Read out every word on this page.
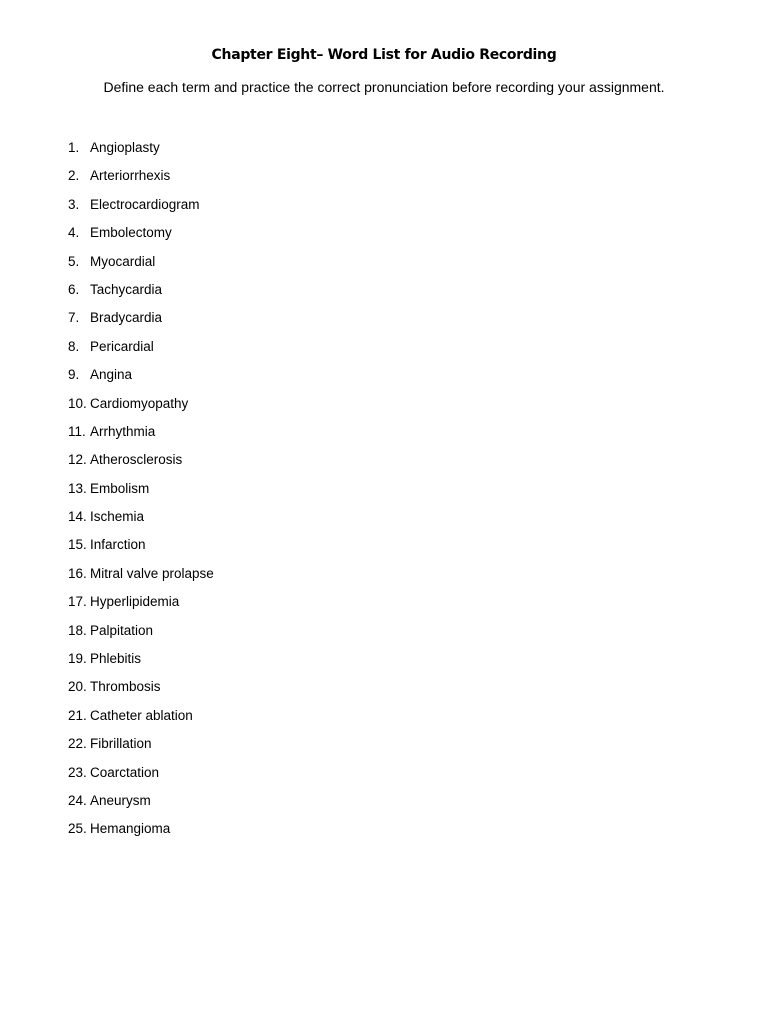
Chapter Eight– Word List for Audio Recording

Define each term and practice the correct pronunciation before recording your assignment.

1. Angioplasty
2. Arteriorrhexis
3. Electrocardiogram
4. Embolectomy
5. Myocardial
6. Tachycardia
7. Bradycardia
8. Pericardial
9. Angina
10. Cardiomyopathy
11. Arrhythmia
12. Atherosclerosis
13. Embolism
14. Ischemia
15. Infarction
16. Mitral valve prolapse
17. Hyperlipidemia
18. Palpitation
19. Phlebitis
20. Thrombosis
21. Catheter ablation
22. Fibrillation
23. Coarctation
24. Aneurysm
25. Hemangioma
